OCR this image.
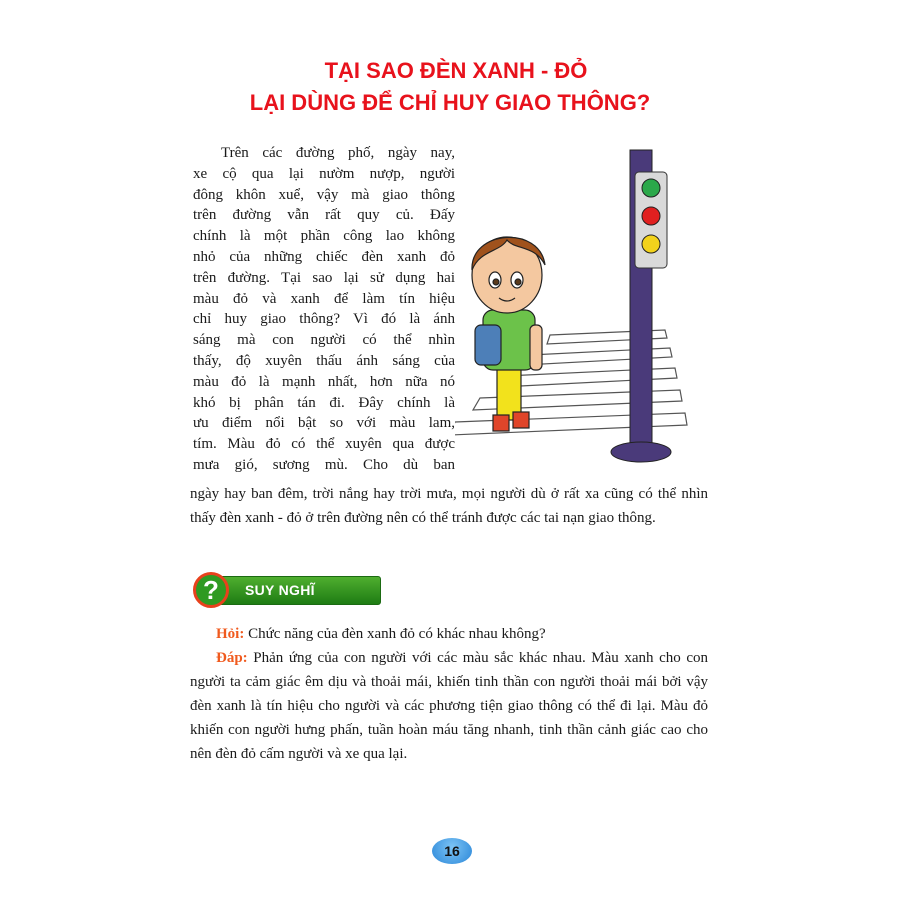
TẠI SAO ĐÈN XANH - ĐỎ
LẠI DÙNG ĐỂ CHỈ HUY GIAO THÔNG?
Trên các đường phố, ngày nay,
xe cộ qua lại nườm nượp, người
đông khôn xuể, vậy mà giao thông
trên đường vẫn rất quy củ. Đấy
chính là một phần công lao không
nhỏ của những chiếc đèn xanh đỏ
trên đường. Tại sao lại sử dụng hai
màu đỏ và xanh để làm tín hiệu
chỉ huy giao thông? Vì đó là ánh
sáng mà con người có thể nhìn
thấy, độ xuyên thấu ánh sáng của
màu đỏ là mạnh nhất, hơn nữa nó
khó bị phân tán đi. Đây chính là
ưu điểm nổi bật so với màu lam,
tím. Màu đỏ có thể xuyên qua được
mưa gió, sương mù. Cho dù ban
ngày hay ban đêm, trời nắng hay trời mưa, mọi người dù ở rất xa cũng có thể nhìn thấy đèn xanh - đỏ ở trên đường nên có thể tránh được các tai nạn giao thông.
?	SUY NGHĨ

Hỏi: Chức năng của đèn xanh đỏ có khác nhau không?

Đáp: Phản ứng của con người với các màu sắc khác nhau. Màu xanh cho con người ta cảm giác êm dịu và thoải mái, khiến tinh thần con người thoải mái bởi vậy đèn xanh là tín hiệu cho người và các phương tiện giao thông có thể đi lại. Màu đỏ khiến con người hưng phấn, tuần hoàn máu tăng nhanh, tinh thần cảnh giác cao cho nên đèn đỏ cấm người và xe qua lại.

16
